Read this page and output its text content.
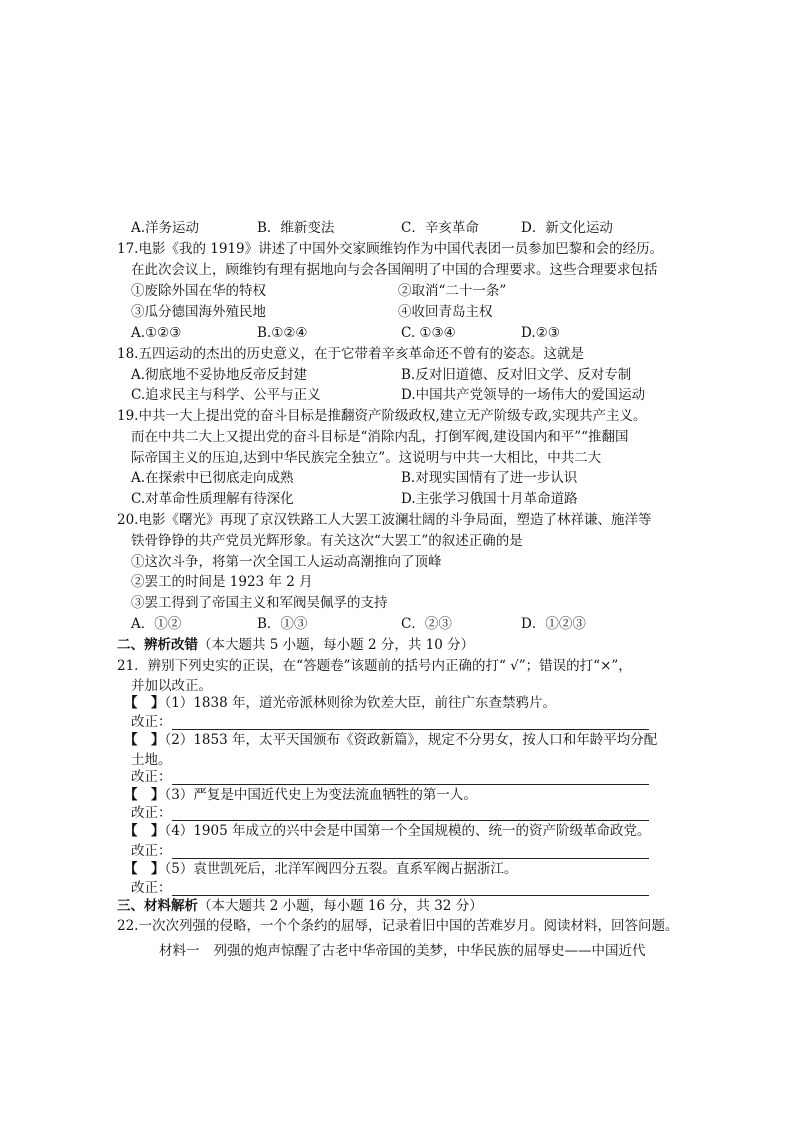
A.洋务运动	B．维新变法	C．辛亥革命	D．新文化运动
17.电影《我的 1919》讲述了中国外交家顾维钧作为中国代表团一员参加巴黎和会的经历。
在此次会议上，顾维钧有理有据地向与会各国阐明了中国的合理要求。这些合理要求包括
①废除外国在华的特权	②取消“二十一条”
③瓜分德国海外殖民地	④收回青岛主权
A.①②③	B.①②④	C. ①③④	D.②③
18.五四运动的杰出的历史意义，在于它带着辛亥革命还不曾有的姿态。这就是
A.彻底地不妥协地反帝反封建	B.反对旧道德、反对旧文学、反对专制
C.追求民主与科学、公平与正义	D.中国共产党领导的一场伟大的爱国运动
19.中共一大上提出党的奋斗目标是推翻资产阶级政权,建立无产阶级专政,实现共产主义。
而在中共二大上又提出党的奋斗目标是“消除内乱，打倒军阀,建设国内和平”“推翻国
际帝国主义的压迫,达到中华民族完全独立”。这说明与中共一大相比，中共二大
A.在探索中已彻底走向成熟	B.对现实国情有了进一步认识
C.对革命性质理解有待深化	D.主张学习俄国十月革命道路
20.电影《曙光》再现了京汉铁路工人大罢工波澜壮阔的斗争局面，塑造了林祥谦、施洋等
铁骨铮铮的共产党员光辉形象。有关这次“大罢工”的叙述正确的是
①这次斗争，将第一次全国工人运动高潮推向了顶峰
②罢工的时间是 1923 年 2 月
③罢工得到了帝国主义和军阀吴佩孚的支持
A．①②	B．①③	C．②③	D．①②③
二、辨析改错（本大题共 5 小题，每小题 2 分，共 10 分）
21．辨别下列史实的正误，在“答题卷”该题前的括号内正确的打“ √”；错误的打“×”，
并加以改正。
【　】（1）1838 年，道光帝派林则徐为钦差大臣，前往广东查禁鸦片。
改正：
【　】（2）1853 年，太平天国颁布《资政新篇》，规定不分男女，按人口和年龄平均分配
土地。
改正：
【　】（3）严复是中国近代史上为变法流血牺牲的第一人。
改正：
【　】（4）1905 年成立的兴中会是中国第一个全国规模的、统一的资产阶级革命政党。
改正：
【　】（5）袁世凯死后，北洋军阀四分五裂。直系军阀占据浙江。
改正：
三、材料解析（本大题共 2 小题，每小题 16 分，共 32 分）
22.一次次列强的侵略，一个个条约的屈辱，记录着旧中国的苦难岁月。阅读材料，回答问题。
材料一 列强的炮声惊醒了古老中华帝国的美梦，中华民族的屈辱史——中国近代
